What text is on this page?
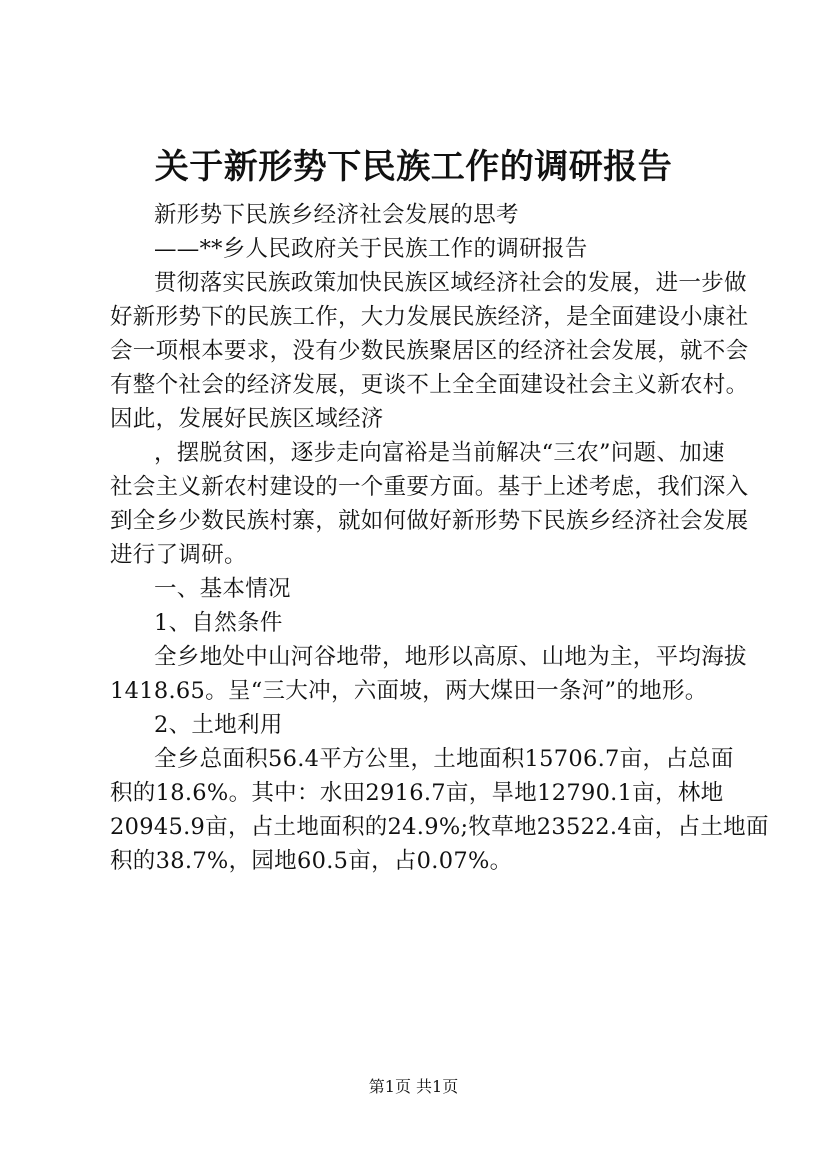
关于新形势下民族工作的调研报告
新形势下民族乡经济社会发展的思考
——**乡人民政府关于民族工作的调研报告
贯彻落实民族政策加快民族区域经济社会的发展，进一步做
好新形势下的民族工作，大力发展民族经济，是全面建设小康社
会一项根本要求，没有少数民族聚居区的经济社会发展，就不会
有整个社会的经济发展，更谈不上全全面建设社会主义新农村。
因此，发展好民族区域经济
，摆脱贫困，逐步走向富裕是当前解决“三农”问题、加速
社会主义新农村建设的一个重要方面。基于上述考虑，我们深入
到全乡少数民族村寨，就如何做好新形势下民族乡经济社会发展
进行了调研。
一、基本情况
1、自然条件
全乡地处中山河谷地带，地形以高原、山地为主，平均海拔
1418.65。呈“三大冲，六面坡，两大煤田一条河”的地形。
2、土地利用
全乡总面积56.4平方公里，土地面积15706.7亩，占总面
积的18.6%。其中：水田2916.7亩，旱地12790.1亩，林地
20945.9亩，占土地面积的24.9%;牧草地23522.4亩，占土地面
积的38.7%，园地60.5亩，占0.07%。
第1页 共1页
